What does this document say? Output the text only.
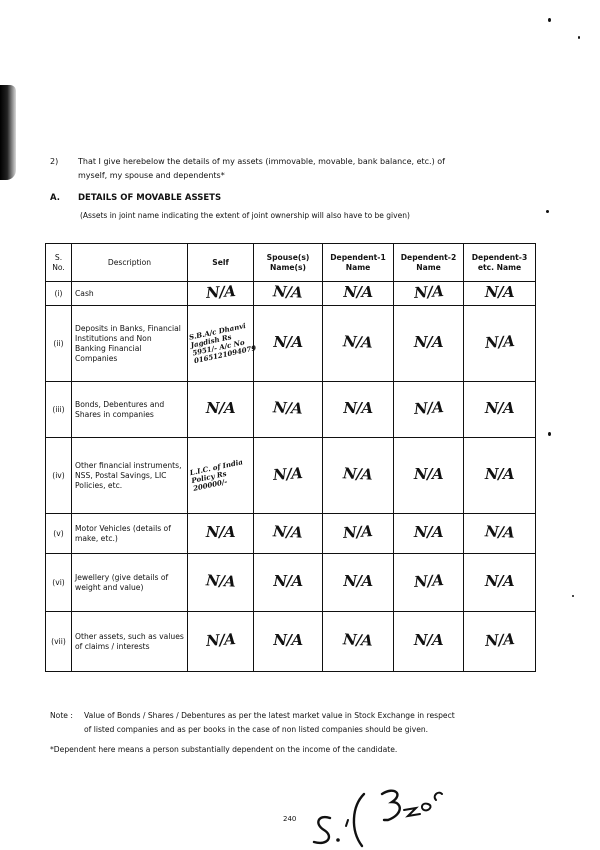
2) That I give herebelow the details of my assets (immovable, movable, bank balance, etc.) of
myself, my spouse and dependents*
A. DETAILS OF MOVABLE ASSETS
(Assets in joint name indicating the extent of joint ownership will also have to be given)
S. No.	Description	Self	Spouse(s) Name(s)	Dependent-1 Name	Dependent-2 Name	Dependent-3 etc. Name
(i)	Cash	N/A	N/A	N/A	N/A	N/A
(ii)	Deposits in Banks, Financial Institutions and Non Banking Financial Companies	S.B.A/c Dhanvi Jagdish Rs 5951/- A/c No 0165121094079	N/A	N/A	N/A	N/A
(iii)	Bonds, Debentures and Shares in companies	N/A	N/A	N/A	N/A	N/A
(iv)	Other financial instruments, NSS, Postal Savings, LIC Policies, etc.	L.I.C. of India Policy Rs 200000/-	N/A	N/A	N/A	N/A
(v)	Motor Vehicles (details of make, etc.)	N/A	N/A	N/A	N/A	N/A
(vi)	Jewellery (give details of weight and value)	N/A	N/A	N/A	N/A	N/A
(vii)	Other assets, such as values of claims / interests	N/A	N/A	N/A	N/A	N/A
Note : Value of Bonds / Shares / Debentures as per the latest market value in Stock Exchange in respect
of listed companies and as per books in the case of non listed companies should be given.
*Dependent here means a person substantially dependent on the income of the candidate.
240
